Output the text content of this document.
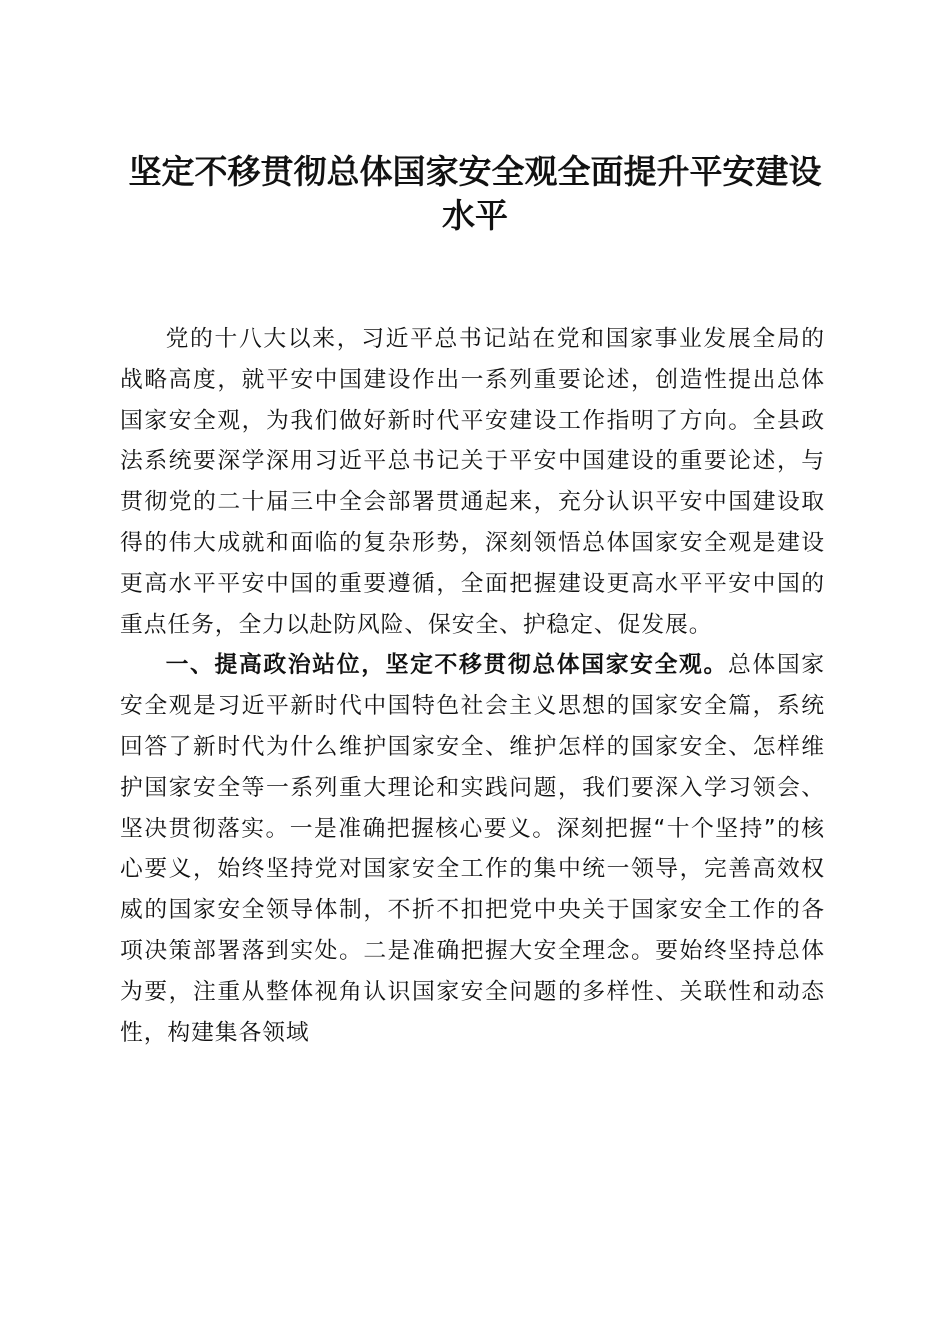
坚定不移贯彻总体国家安全观全面提升平安建设水平

党的十八大以来，习近平总书记站在党和国家事业发展全局的战略高度，就平安中国建设作出一系列重要论述，创造性提出总体国家安全观，为我们做好新时代平安建设工作指明了方向。全县政法系统要深学深用习近平总书记关于平安中国建设的重要论述，与贯彻党的二十届三中全会部署贯通起来，充分认识平安中国建设取得的伟大成就和面临的复杂形势，深刻领悟总体国家安全观是建设更高水平平安中国的重要遵循，全面把握建设更高水平平安中国的重点任务，全力以赴防风险、保安全、护稳定、促发展。

一、提高政治站位，坚定不移贯彻总体国家安全观。总体国家安全观是习近平新时代中国特色社会主义思想的国家安全篇，系统回答了新时代为什么维护国家安全、维护怎样的国家安全、怎样维护国家安全等一系列重大理论和实践问题，我们要深入学习领会、坚决贯彻落实。一是准确把握核心要义。深刻把握“十个坚持”的核心要义，始终坚持党对国家安全工作的集中统一领导，完善高效权威的国家安全领导体制，不折不扣把党中央关于国家安全工作的各项决策部署落到实处。二是准确把握大安全理念。要始终坚持总体为要，注重从整体视角认识国家安全问题的多样性、关联性和动态性，构建集各领域
